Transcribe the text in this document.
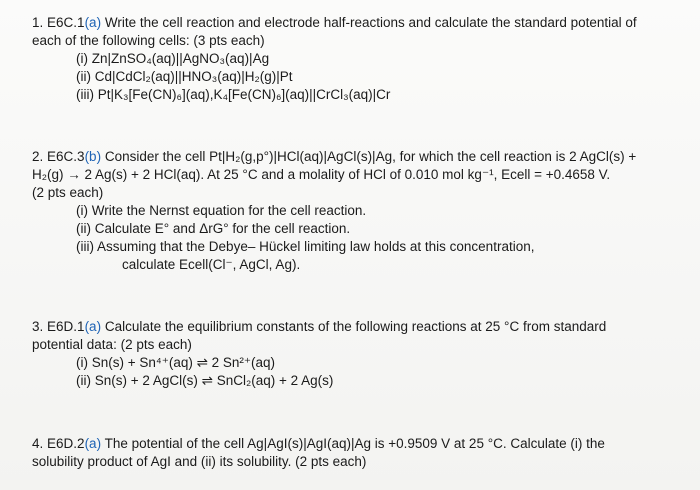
1. E6C.1(a) Write the cell reaction and electrode half-reactions and calculate the standard potential of
each of the following cells: (3 pts each)
(i) Zn|ZnSO₄(aq)||AgNO₃(aq)|Ag
(ii) Cd|CdCl₂(aq)||HNO₃(aq)|H₂(g)|Pt
(iii) Pt|K₃[Fe(CN)₆](aq),K₄[Fe(CN)₆](aq)||CrCl₃(aq)|Cr
2. E6C.3(b) Consider the cell Pt|H₂(g,p°)|HCl(aq)|AgCl(s)|Ag, for which the cell reaction is 2 AgCl(s) +
H₂(g) → 2 Ag(s) + 2 HCl(aq). At 25 °C and a molality of HCl of 0.010 mol kg⁻¹, Ecell = +0.4658 V.
(2 pts each)
(i) Write the Nernst equation for the cell reaction.
(ii) Calculate E° and ΔrG° for the cell reaction.
(iii) Assuming that the Debye– Hückel limiting law holds at this concentration,
calculate Ecell(Cl⁻, AgCl, Ag).
3. E6D.1(a) Calculate the equilibrium constants of the following reactions at 25 °C from standard
potential data: (2 pts each)
(i) Sn(s) + Sn⁴⁺(aq) ⇌ 2 Sn²⁺(aq)
(ii) Sn(s) + 2 AgCl(s) ⇌ SnCl₂(aq) + 2 Ag(s)
4. E6D.2(a) The potential of the cell Ag|AgI(s)|AgI(aq)|Ag is +0.9509 V at 25 °C. Calculate (i) the
solubility product of AgI and (ii) its solubility. (2 pts each)
